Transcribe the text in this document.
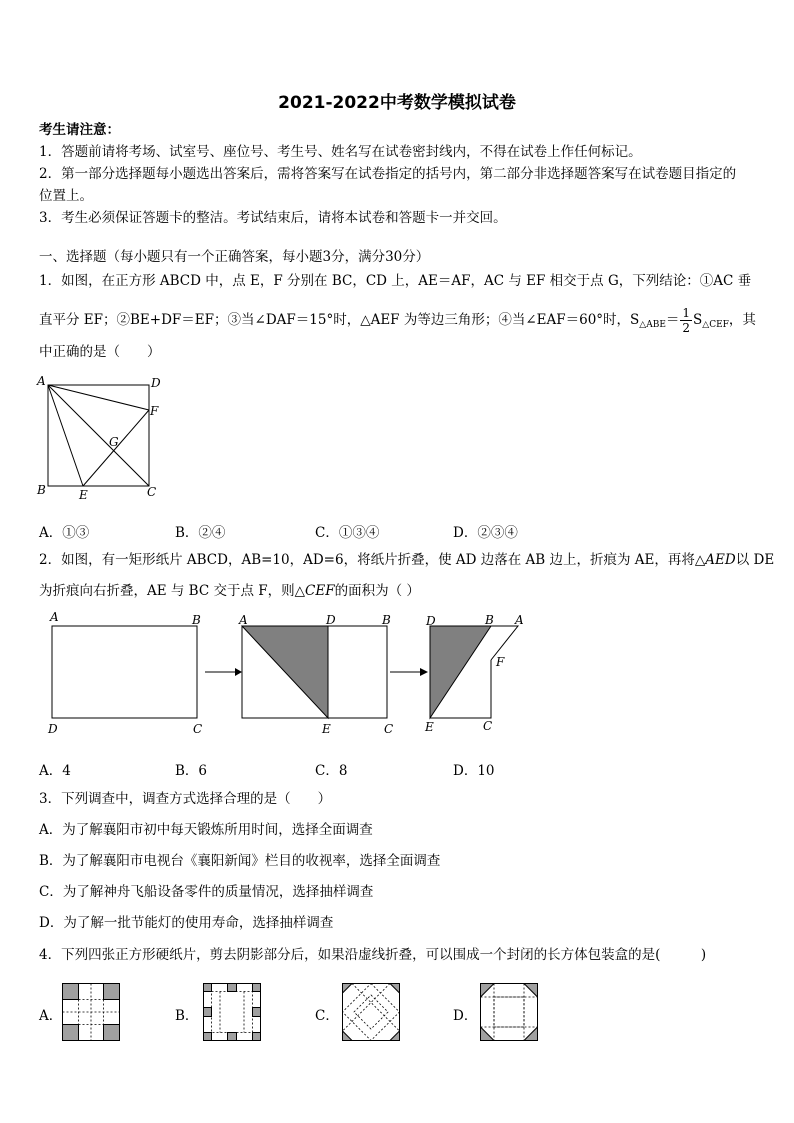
2021-2022中考数学模拟试卷
考生请注意：
1．答题前请将考场、试室号、座位号、考生号、姓名写在试卷密封线内，不得在试卷上作任何标记。
2．第一部分选择题每小题选出答案后，需将答案写在试卷指定的括号内，第二部分非选择题答案写在试卷题目指定的
位置上。
3．考生必须保证答题卡的整洁。考试结束后，请将本试卷和答题卡一并交回。
一、选择题（每小题只有一个正确答案，每小题3分，满分30分）
1．如图，在正方形 ABCD 中，点 E，F 分别在 BC，CD 上，AE＝AF，AC 与 EF 相交于点 G，下列结论：①AC 垂
直平分 EF；②BE+DF＝EF；③当∠DAF＝15°时，△AEF 为等边三角形；④当∠EAF＝60°时，$S_{\triangle ABE}= \frac{1}{2} S_{\triangle CEF}$，其
中正确的是（　　）
A	D
F
G
B	E	C
A．①③	B．②④	C．①③④	D．②③④
2．如图，有一矩形纸片 ABCD，AB=10，AD=6，将纸片折叠，使 AD 边落在 AB 边上，折痕为 AE，再将△AED以 DE
为折痕向右折叠，AE 与 BC 交于点 F，则△CEF的面积为（ ）
A	B
D	C
A	D	B
E	C
D	B A
F
E	C
A．4	B．6	C．8	D．10
3．下列调查中，调查方式选择合理的是（　　）
A．为了解襄阳市初中每天锻炼所用时间，选择全面调查
B．为了解襄阳市电视台《襄阳新闻》栏目的收视率，选择全面调查
C．为了解神舟飞船设备零件的质量情况，选择抽样调查
D．为了解一批节能灯的使用寿命，选择抽样调查
4．下列四张正方形硬纸片，剪去阴影部分后，如果沿虚线折叠，可以围成一个封闭的长方体包装盒的是(　　　)
A．	B．	C．	D．
